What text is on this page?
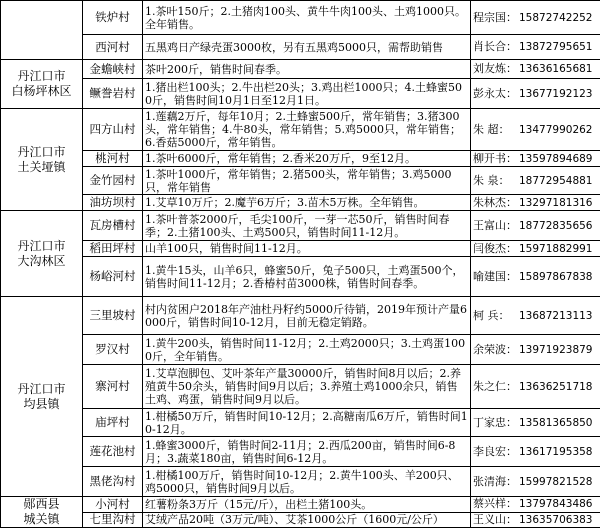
	铁炉村	1.茶叶150斤；2.土猪肉100头、黄牛牛肉100头、土鸡1000只。全年销售。	程宗国： 15872742252
	西河村	五黑鸡日产绿壳蛋3000枚，另有五黑鸡5000只，需帮助销售	肖长合： 13872795651

丹江口市
白杨坪林区	金蟾峡村	茶叶200斤，销售时间春季。	刘友炼： 13636165681
	鳜誊岩村	1.猪出栏100头；2.牛出栏20头；3.鸡出栏1000只；4.土蜂蜜500斤，销售时间10月1日至12月1日。	彭永太： 13677192123

丹江口市
土关垭镇	四方山村	1.莲藕2万斤，每年10月；2.土蜂蜜500斤，常年销售；3.猪300头，常年销售；4.牛80头，常年销售；5.鸡5000只，常年销售；6.香菇5000斤，常年销售。	朱 超： 13477990262
	桃河村	1.茶叶6000斤，常年销售；2.香米20万斤，9至12月。	柳开书： 13597894689
	金竹园村	1.茶叶1000斤，常年销售；2.猪500头，常年销售；3.鸡5000只，常年销售	朱 泉： 18772954881
	油坊坝村	1.艾草10万斤；2.魔芋6万斤；3.苗木5万株。全年销售。	朱林杰： 13297181316

丹江口市
大沟林区	瓦房槽村	1.茶叶普茶2000斤，毛尖100斤，一芽一芯50斤，销售时间春季；2.土猪100头、土鸡500只，销售时间11-12月。	王富山： 18772835656
	稻田坪村	山羊100只，销售时间11-12月。	闫俊杰： 15971882991
	杨峪河村	1.黄牛15头，山羊6只，蜂蜜50斤，兔子500只，土鸡蛋500个，销售时间11-12月；2.香椿村苗3000株，销售时间春季。	喻建国： 15897867838

丹江口市
均县镇	三里坡村	村内贫困户2018年产油杜丹籽约5000斤待销，2019年预计产量6000斤，销售时间10-12月，目前无稳定销路。	柯 兵： 13687213113
	罗汉村	1.黄牛200头，销售时间11-12月；2.土鸡2000只；3.土鸡蛋1000斤，全年销售。	余荣波： 13971923879
	寨河村	1.艾草泡脚包、艾叶茶年产量30000斤，销售时间8月以后；2.养殖黄牛50余头，销售时间9月以后；3.养殖土鸡1000余只，销售土鸡、鸡蛋，销售时间9月以后。	朱之仁： 13636251718
	庙坪村	1.柑橘50万斤，销售时间10-12月；2.高糖南瓜6万斤，销售时间10-12月。	丁家忠： 13581365850
	莲花池村	1.蜂蜜3000斤，销售时间2-11月；2.西瓜200亩，销售时间6-8月；3.蔬菜180亩，销售时间6-12月。	李良宏： 13617195358
	黑佬沟村	1.柑橘100万斤，销售时间10-12月；2.黄牛100头、羊200只、鸡5000只，销售时间9月以后。	张清海： 15997821528

郧西县
城关镇	小河村	红薯粉条3万斤（15元/斤），出栏土猪100头。	蔡兴样： 13797843486
	七里沟村	艾绒产品20吨（3万元/吨）、艾茶1000公斤（1600元/公斤）	王义山： 13635706383
